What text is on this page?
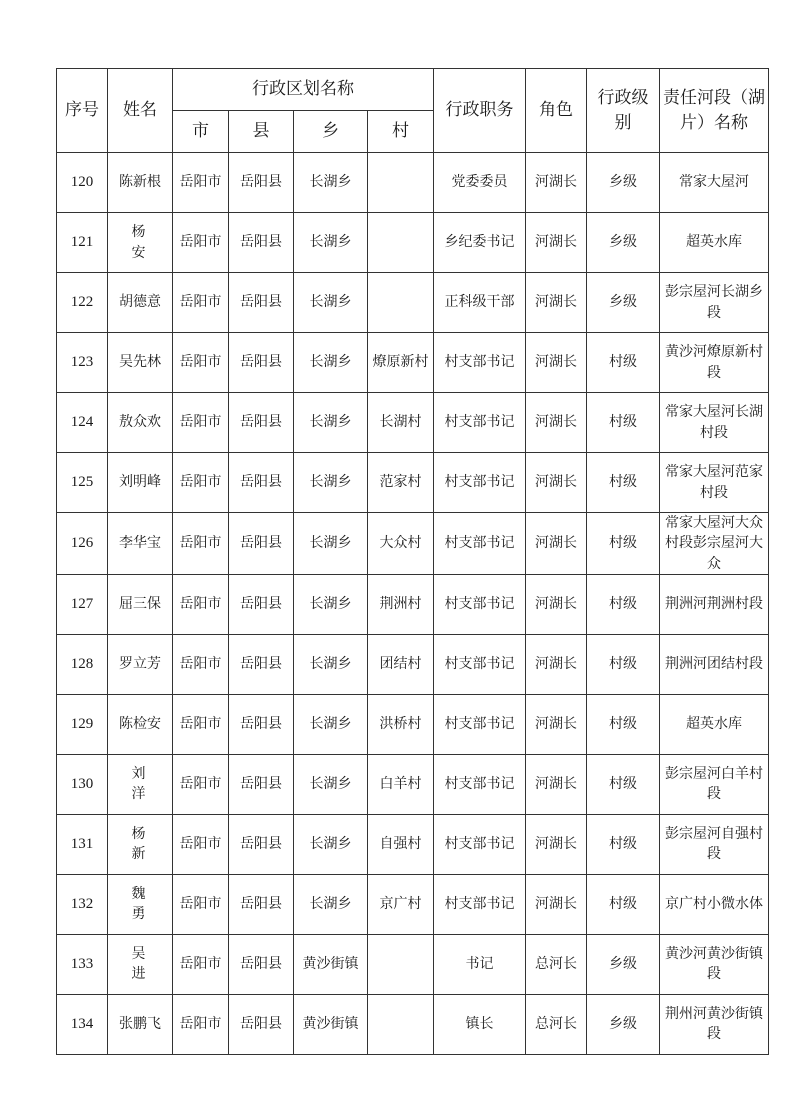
序号	姓名	行政区划名称				行政职务	角色	行政级别	责任河段（湖片）名称
		市	县	乡	村				
120	陈新根	岳阳市	岳阳县	长湖乡		党委委员	河湖长	乡级	常家大屋河
121	杨安	岳阳市	岳阳县	长湖乡		乡纪委书记	河湖长	乡级	超英水库
122	胡德意	岳阳市	岳阳县	长湖乡		正科级干部	河湖长	乡级	彭宗屋河长湖乡段
123	吴先林	岳阳市	岳阳县	长湖乡	燎原新村	村支部书记	河湖长	村级	黄沙河燎原新村段
124	敖众欢	岳阳市	岳阳县	长湖乡	长湖村	村支部书记	河湖长	村级	常家大屋河长湖村段
125	刘明峰	岳阳市	岳阳县	长湖乡	范家村	村支部书记	河湖长	村级	常家大屋河范家村段
126	李华宝	岳阳市	岳阳县	长湖乡	大众村	村支部书记	河湖长	村级	常家大屋河大众村段彭宗屋河大众
127	屈三保	岳阳市	岳阳县	长湖乡	荆洲村	村支部书记	河湖长	村级	荆洲河荆洲村段
128	罗立芳	岳阳市	岳阳县	长湖乡	团结村	村支部书记	河湖长	村级	荆洲河团结村段
129	陈检安	岳阳市	岳阳县	长湖乡	洪桥村	村支部书记	河湖长	村级	超英水库
130	刘洋	岳阳市	岳阳县	长湖乡	白羊村	村支部书记	河湖长	村级	彭宗屋河白羊村段
131	杨新	岳阳市	岳阳县	长湖乡	自强村	村支部书记	河湖长	村级	彭宗屋河自强村段
132	魏勇	岳阳市	岳阳县	长湖乡	京广村	村支部书记	河湖长	村级	京广村小微水体
133	吴进	岳阳市	岳阳县	黄沙街镇		书记	总河长	乡级	黄沙河黄沙街镇段
134	张鹏飞	岳阳市	岳阳县	黄沙街镇		镇长	总河长	乡级	荆州河黄沙街镇段
